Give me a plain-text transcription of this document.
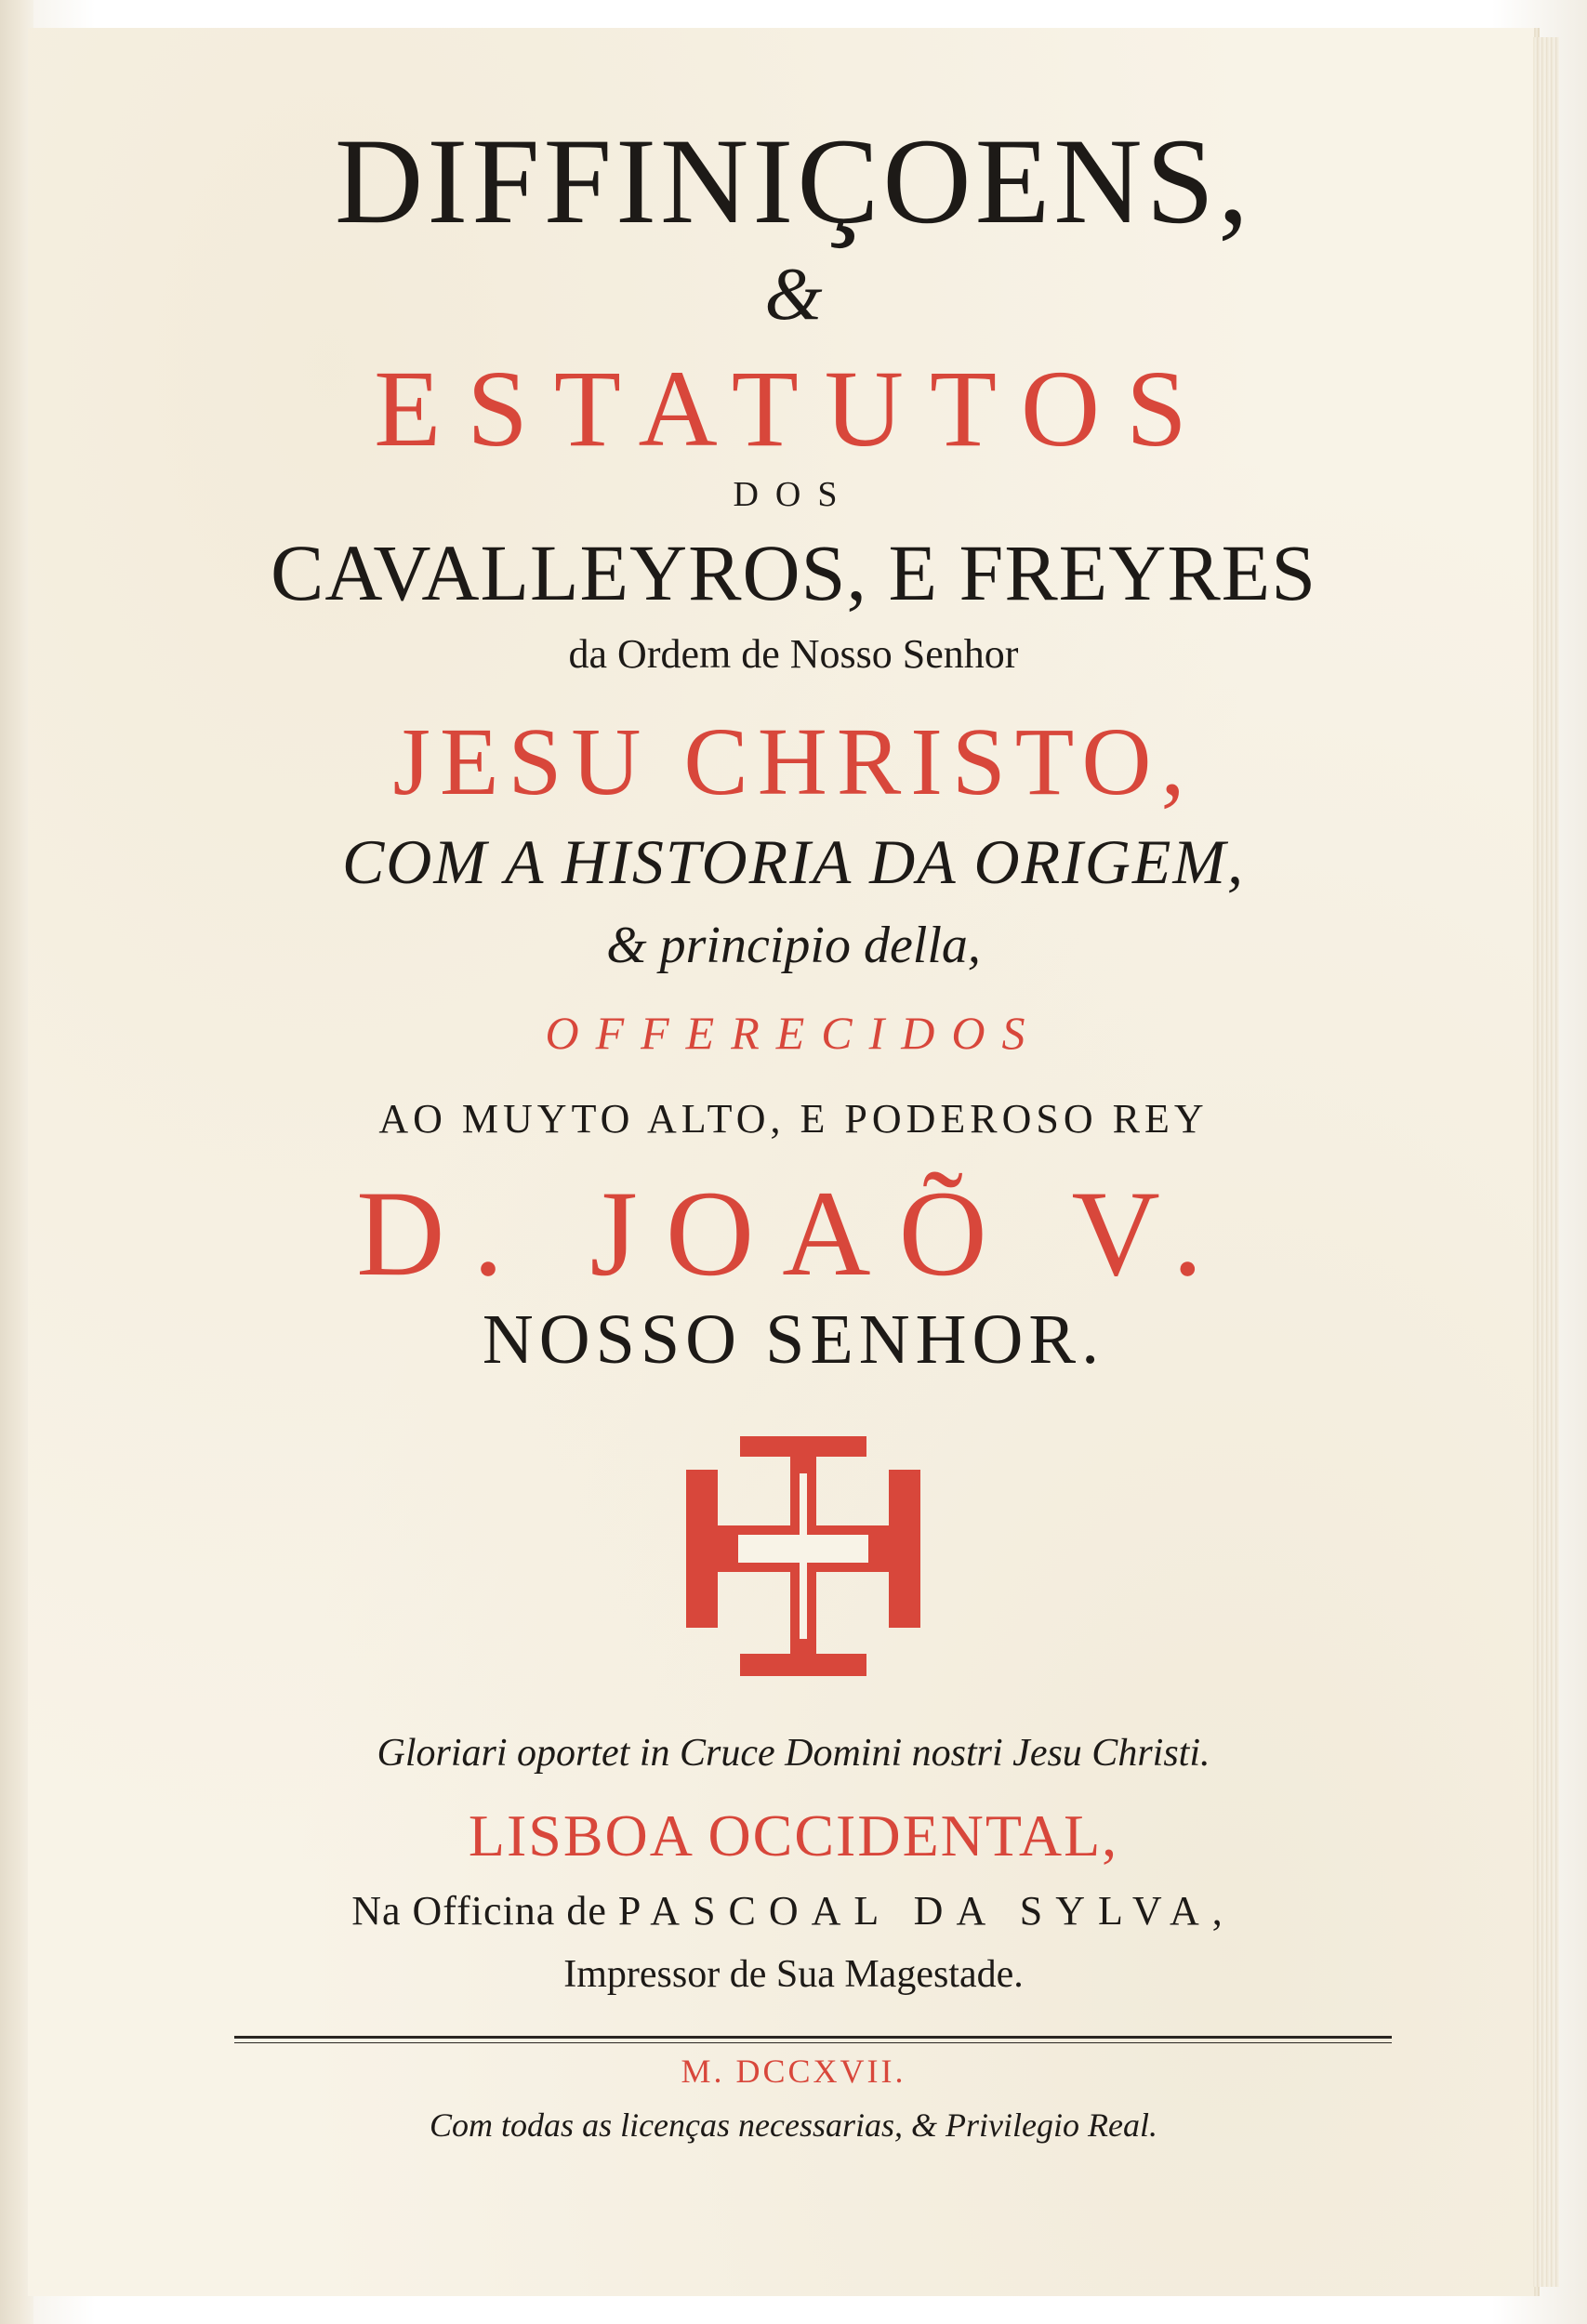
DIFFINIÇOENS,
&
ESTATUTOS
DOS
CAVALLEYROS, E FREYRES
da Ordem de Nosso Senhor
JESU CHRISTO,
COM A HISTORIA DA ORIGEM,
& principio della,
OFFERECIDOS
AO MUYTO ALTO, E PODEROSO REY
D. JOAÕ V.
NOSSO SENHOR.
Gloriari oportet in Cruce Domini nostri Jesu Christi.
LISBOA OCCIDENTAL,
Na Officina de PASCOAL DA SYLVA,
Impressor de Sua Magestade.
M. DCCXVII.
Com todas as licenças necessarias, & Privilegio Real.
